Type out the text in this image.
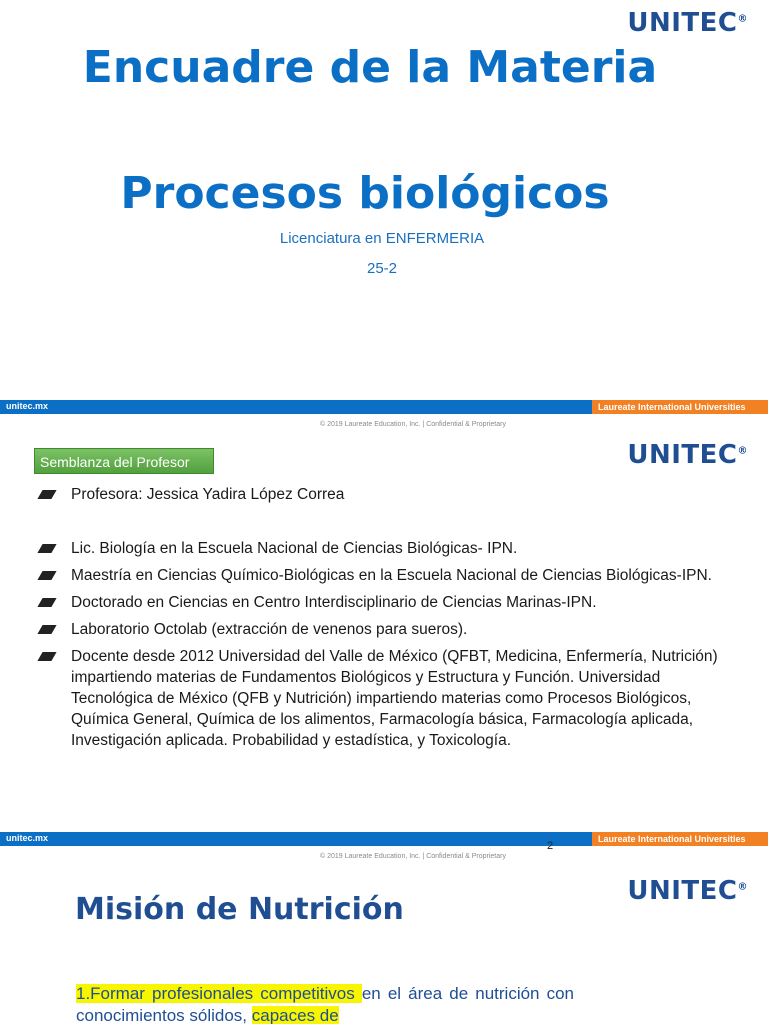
UNITEC®
Encuadre de la Materia
Procesos biológicos
Licenciatura en ENFERMERIA
25-2
unitec.mx	Laureate International Universities
© 2019 Laureate Education, Inc. | Confidential & Proprietary
Semblanza del Profesor	UNITEC®
Profesora: Jessica Yadira López Correa
Lic. Biología en la Escuela Nacional de Ciencias Biológicas- IPN.
Maestría en Ciencias Químico-Biológicas en la Escuela Nacional de Ciencias Biológicas-IPN.
Doctorado en Ciencias en Centro Interdisciplinario de Ciencias Marinas-IPN.
Laboratorio Octolab (extracción de venenos para sueros).
Docente desde 2012 Universidad del Valle de México (QFBT, Medicina, Enfermería, Nutrición) impartiendo materias de Fundamentos Biológicos y Estructura y Función. Universidad Tecnológica de México (QFB y Nutrición) impartiendo materias como Procesos Biológicos, Química General, Química de los alimentos, Farmacología básica, Farmacología aplicada, Investigación aplicada. Probabilidad y estadística, y Toxicología.
unitec.mx	Laureate International Universities
2
© 2019 Laureate Education, Inc. | Confidential & Proprietary
UNITEC®
Misión de Nutrición
1.Formar profesionales competitivos en el área de nutrición con conocimientos sólidos, capaces de
